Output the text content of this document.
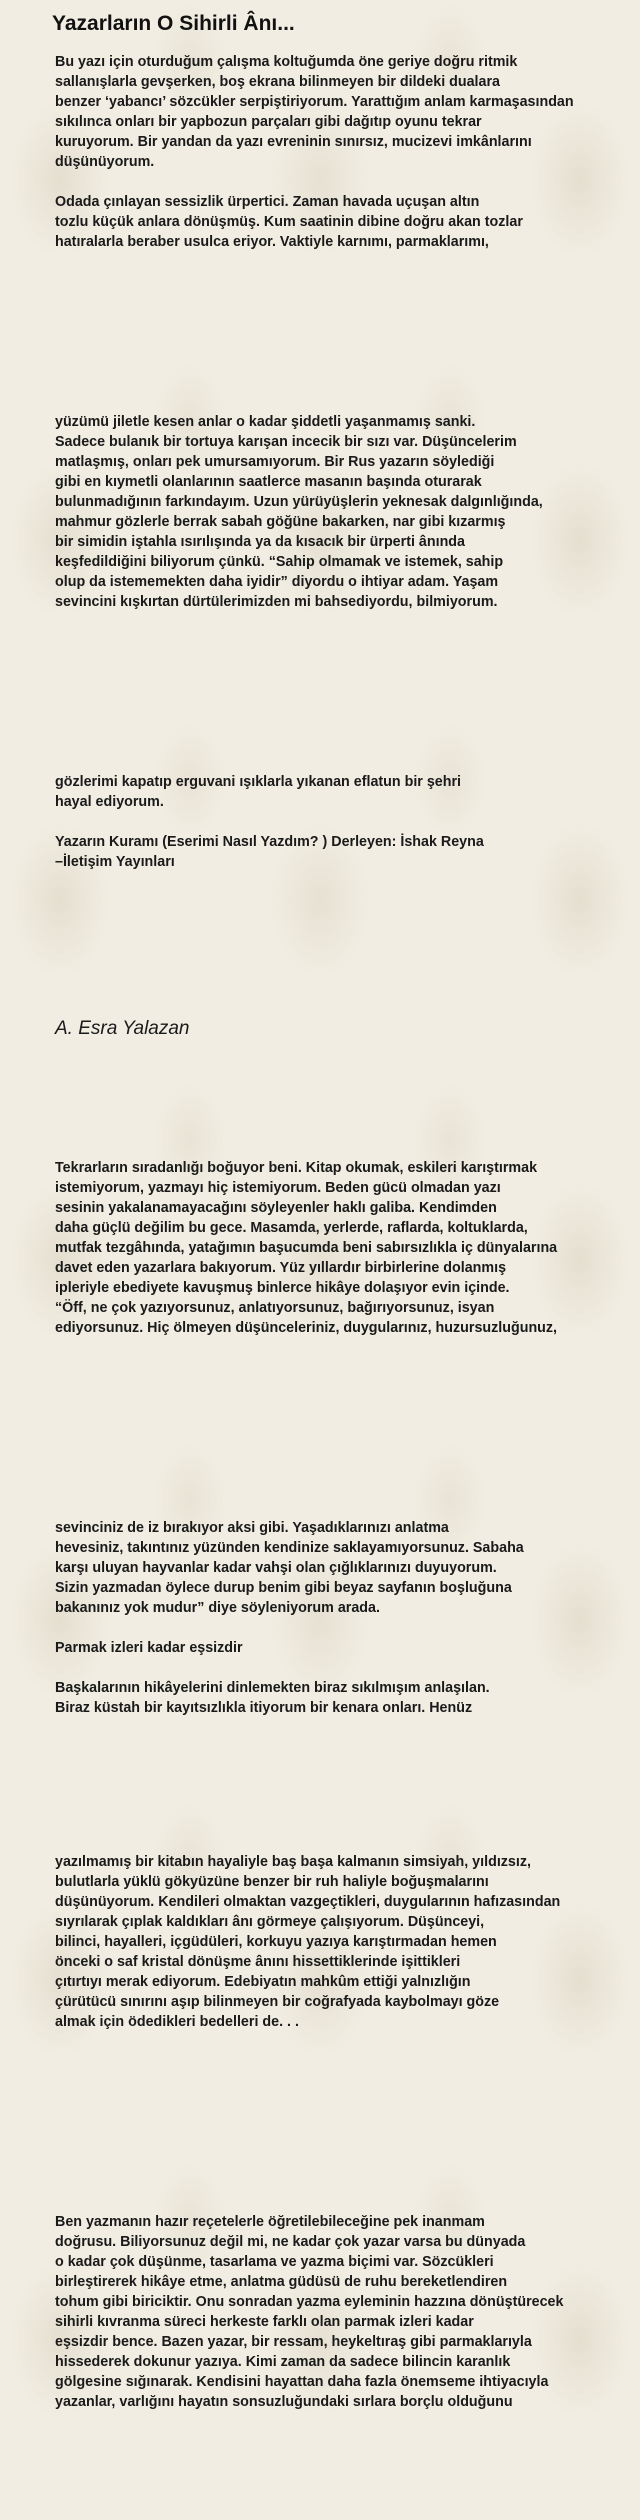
Yazarların O Sihirli Ânı...
Bu yazı için oturduğum çalışma koltuğumda öne geriye doğru ritmik
sallanışlarla gevşerken, boş ekrana bilinmeyen bir dildeki dualara
benzer ‘yabancı’ sözcükler serpiştiriyorum. Yarattığım anlam karmaşasından
sıkılınca onları bir yapbozun parçaları gibi dağıtıp oyunu tekrar
kuruyorum. Bir yandan da yazı evreninin sınırsız, mucizevi imkânlarını
düşünüyorum.
Odada çınlayan sessizlik ürpertici. Zaman havada uçuşan altın
tozlu küçük anlara dönüşmüş. Kum saatinin dibine doğru akan tozlar
hatıralarla beraber usulca eriyor. Vaktiyle karnımı, parmaklarımı,
yüzümü jiletle kesen anlar o kadar şiddetli yaşanmamış sanki.
Sadece bulanık bir tortuya karışan incecik bir sızı var. Düşüncelerim
matlaşmış, onları pek umursamıyorum. Bir Rus yazarın söylediği
gibi en kıymetli olanlarının saatlerce masanın başında oturarak
bulunmadığının farkındayım. Uzun yürüyüşlerin yeknesak dalgınlığında,
mahmur gözlerle berrak sabah göğüne bakarken, nar gibi kızarmış
bir simidin iştahla ısırılışında ya da kısacık bir ürperti ânında
keşfedildiğini biliyorum çünkü. “Sahip olmamak ve istemek, sahip
olup da istememekten daha iyidir” diyordu o ihtiyar adam. Yaşam
sevincini kışkırtan dürtülerimizden mi bahsediyordu, bilmiyorum.
gözlerimi kapatıp erguvani ışıklarla yıkanan eflatun bir şehri
hayal ediyorum.
Yazarın Kuramı (Eserimi Nasıl Yazdım? ) Derleyen: İshak Reyna
–İletişim Yayınları
A. Esra Yalazan
Tekrarların sıradanlığı boğuyor beni. Kitap okumak, eskileri karıştırmak
istemiyorum, yazmayı hiç istemiyorum. Beden gücü olmadan yazı
sesinin yakalanamayacağını söyleyenler haklı galiba. Kendimden
daha güçlü değilim bu gece. Masamda, yerlerde, raflarda, koltuklarda,
mutfak tezgâhında, yatağımın başucumda beni sabırsızlıkla iç dünyalarına
davet eden yazarlara bakıyorum. Yüz yıllardır birbirlerine dolanmış
ipleriyle ebediyete kavuşmuş binlerce hikâye dolaşıyor evin içinde.
“Öff, ne çok yazıyorsunuz, anlatıyorsunuz, bağırıyorsunuz, isyan
ediyorsunuz. Hiç ölmeyen düşünceleriniz, duygularınız, huzursuzluğunuz,
sevinciniz de iz bırakıyor aksi gibi. Yaşadıklarınızı anlatma
hevesiniz, takıntınız yüzünden kendinize saklayamıyorsunuz. Sabaha
karşı uluyan hayvanlar kadar vahşi olan çığlıklarınızı duyuyorum.
Sizin yazmadan öylece durup benim gibi beyaz sayfanın boşluğuna
bakanınız yok mudur” diye söyleniyorum arada.
Parmak izleri kadar eşsizdir
Başkalarının hikâyelerini dinlemekten biraz sıkılmışım anlaşılan.
Biraz küstah bir kayıtsızlıkla itiyorum bir kenara onları. Henüz
yazılmamış bir kitabın hayaliyle baş başa kalmanın simsiyah, yıldızsız,
bulutlarla yüklü gökyüzüne benzer bir ruh haliyle boğuşmalarını
düşünüyorum. Kendileri olmaktan vazgeçtikleri, duygularının hafızasından
sıyrılarak çıplak kaldıkları ânı görmeye çalışıyorum. Düşünceyi,
bilinci, hayalleri, içgüdüleri, korkuyu yazıya karıştırmadan hemen
önceki o saf kristal dönüşme ânını hissettiklerinde işittikleri
çıtırtıyı merak ediyorum. Edebiyatın mahkûm ettiği yalnızlığın
çürütücü sınırını aşıp bilinmeyen bir coğrafyada kaybolmayı göze
almak için ödedikleri bedelleri de. . .
Ben yazmanın hazır reçetelerle öğretilebileceğine pek inanmam
doğrusu. Biliyorsunuz değil mi, ne kadar çok yazar varsa bu dünyada
o kadar çok düşünme, tasarlama ve yazma biçimi var. Sözcükleri
birleştirerek hikâye etme, anlatma güdüsü de ruhu bereketlendiren
tohum gibi biriciktir. Onu sonradan yazma eyleminin hazzına dönüştürecek
sihirli kıvranma süreci herkeste farklı olan parmak izleri kadar
eşsizdir bence. Bazen yazar, bir ressam, heykeltıraş gibi parmaklarıyla
hissederek dokunur yazıya. Kimi zaman da sadece bilincin karanlık
gölgesine sığınarak. Kendisini hayattan daha fazla önemseme ihtiyacıyla
yazanlar, varlığını hayatın sonsuzluğundaki sırlara borçlu olduğunu
